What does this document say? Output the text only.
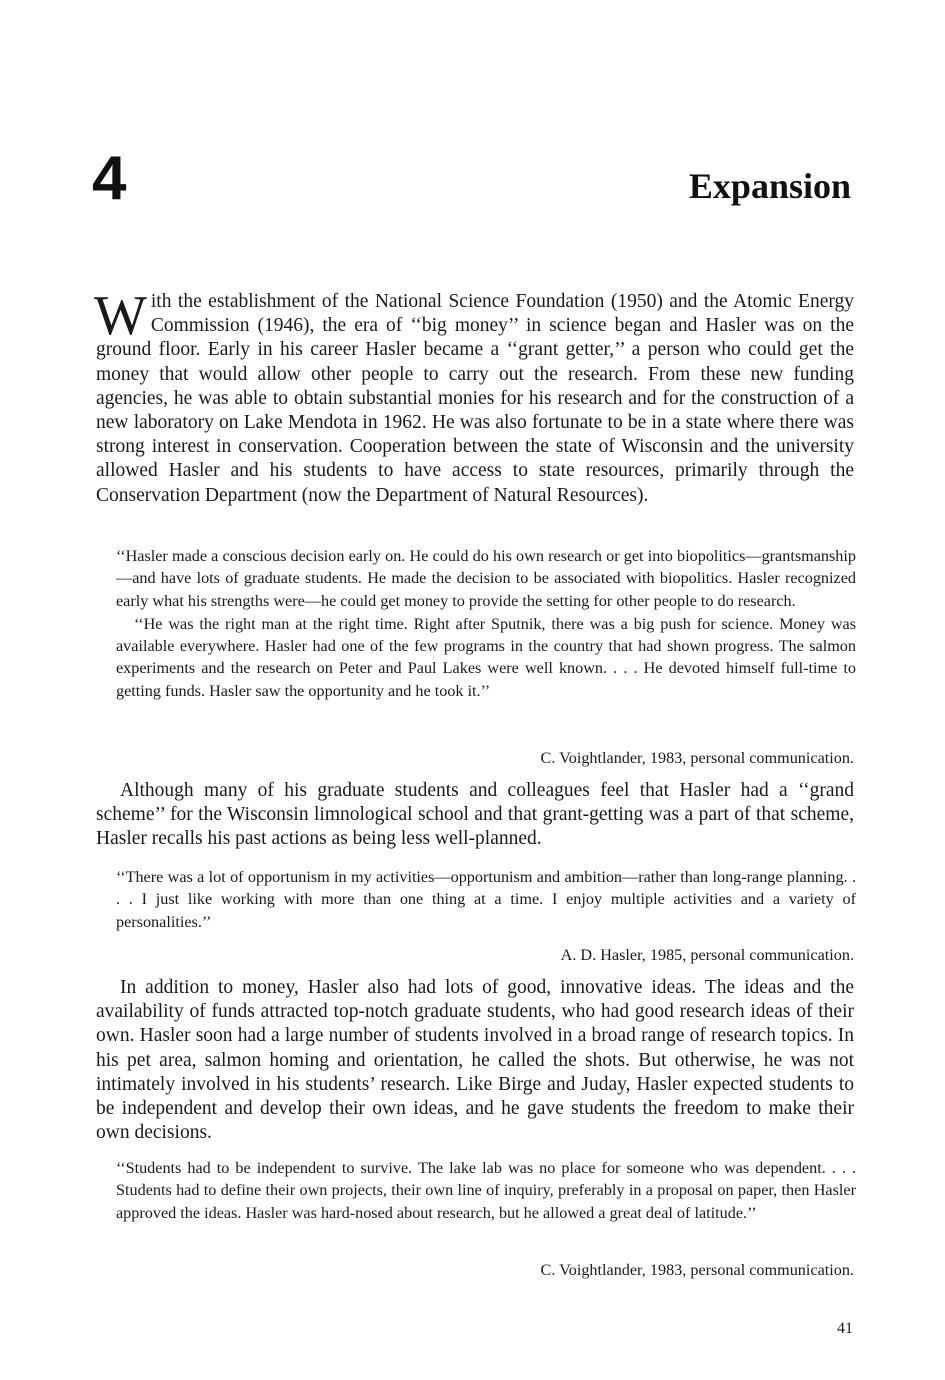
4	Expansion

With the establishment of the National Science Foundation (1950) and the Atomic Energy Commission (1946), the era of ‘‘big money’’ in science began and Hasler was on the ground floor. Early in his career Hasler became a ‘‘grant getter,’’ a person who could get the money that would allow other people to carry out the research. From these new funding agencies, he was able to obtain substantial monies for his research and for the construction of a new laboratory on Lake Mendota in 1962. He was also fortunate to be in a state where there was strong interest in conservation. Cooperation between the state of Wisconsin and the university allowed Hasler and his students to have access to state resources, primarily through the Conservation Department (now the Department of Natural Resources).

‘‘Hasler made a conscious decision early on. He could do his own research or get into biopolitics—grantsmanship—and have lots of graduate students. He made the decision to be associated with biopolitics. Hasler recognized early what his strengths were—he could get money to provide the setting for other people to do research.

‘‘He was the right man at the right time. Right after Sputnik, there was a big push for science. Money was available everywhere. Hasler had one of the few programs in the country that had shown progress. The salmon experiments and the research on Peter and Paul Lakes were well known. . . . He devoted himself full-time to getting funds. Hasler saw the opportunity and he took it.’’

C. Voightlander, 1983, personal communication.

Although many of his graduate students and colleagues feel that Hasler had a ‘‘grand scheme’’ for the Wisconsin limnological school and that grant-getting was a part of that scheme, Hasler recalls his past actions as being less well-planned.

‘‘There was a lot of opportunism in my activities—opportunism and ambition—rather than long-range planning. . . . I just like working with more than one thing at a time. I enjoy multiple activities and a variety of personalities.’’

A. D. Hasler, 1985, personal communication.

In addition to money, Hasler also had lots of good, innovative ideas. The ideas and the availability of funds attracted top-notch graduate students, who had good research ideas of their own. Hasler soon had a large number of students involved in a broad range of research topics. In his pet area, salmon homing and orientation, he called the shots. But otherwise, he was not intimately involved in his students’ research. Like Birge and Juday, Hasler expected students to be independent and develop their own ideas, and he gave students the freedom to make their own decisions.

‘‘Students had to be independent to survive. The lake lab was no place for someone who was dependent. . . . Students had to define their own projects, their own line of inquiry, preferably in a proposal on paper, then Hasler approved the ideas. Hasler was hard-nosed about research, but he allowed a great deal of latitude.’’

C. Voightlander, 1983, personal communication.
41
